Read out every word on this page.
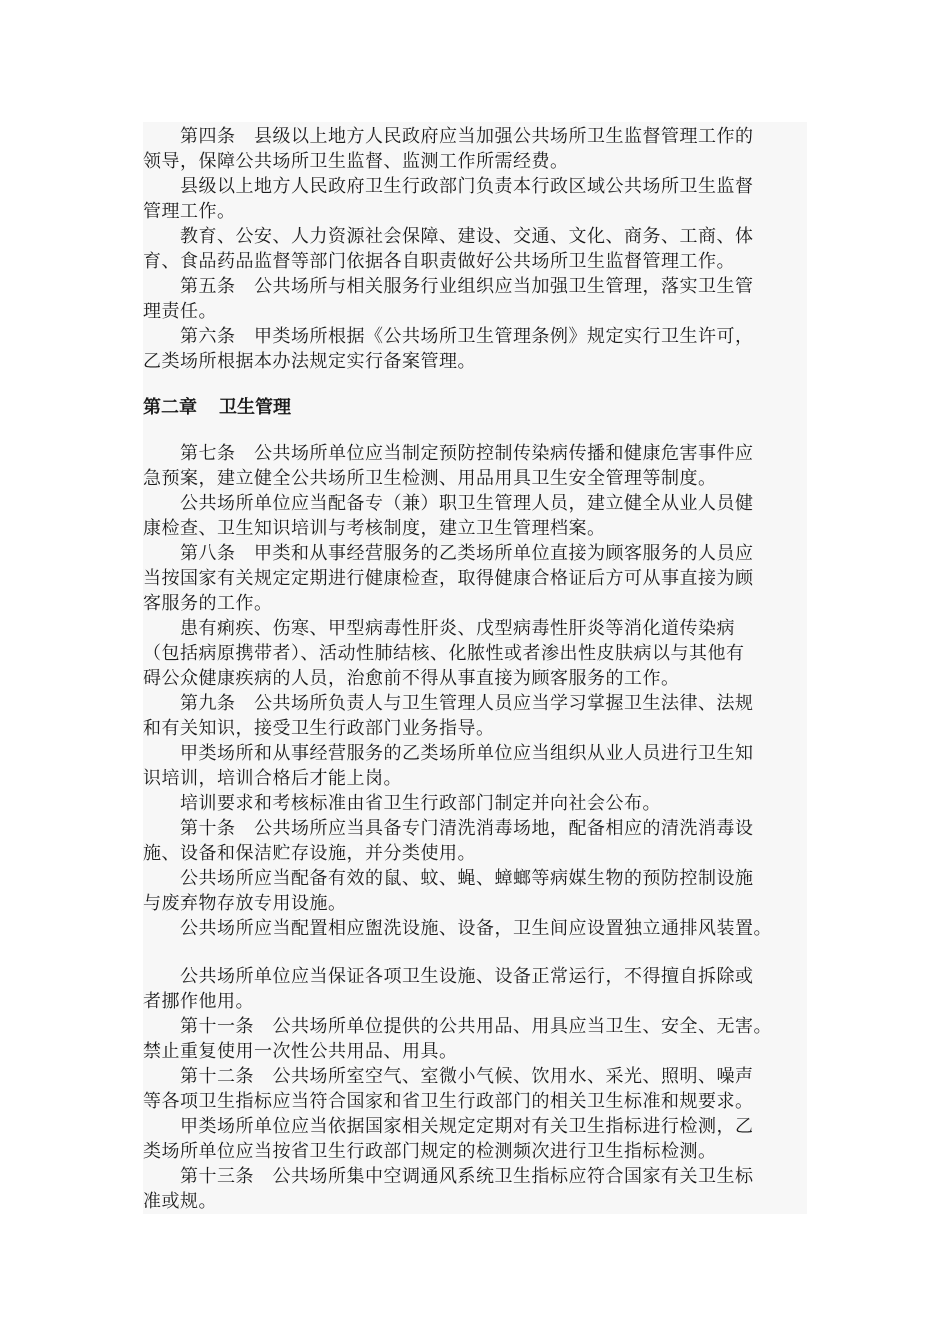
　　第四条　县级以上地方人民政府应当加强公共场所卫生监督管理工作的
领导，保障公共场所卫生监督、监测工作所需经费。
　　县级以上地方人民政府卫生行政部门负责本行政区域公共场所卫生监督
管理工作。
　　教育、公安、人力资源社会保障、建设、交通、文化、商务、工商、体
育、食品药品监督等部门依据各自职责做好公共场所卫生监督管理工作。
　　第五条　公共场所与相关服务行业组织应当加强卫生管理，落实卫生管
理责任。
　　第六条　甲类场所根据《公共场所卫生管理条例》规定实行卫生许可，
乙类场所根据本办法规定实行备案管理。
第二章 卫生管理
　　第七条　公共场所单位应当制定预防控制传染病传播和健康危害事件应
急预案，建立健全公共场所卫生检测、用品用具卫生安全管理等制度。
　　公共场所单位应当配备专（兼）职卫生管理人员，建立健全从业人员健
康检查、卫生知识培训与考核制度，建立卫生管理档案。
　　第八条　甲类和从事经营服务的乙类场所单位直接为顾客服务的人员应
当按国家有关规定定期进行健康检查，取得健康合格证后方可从事直接为顾
客服务的工作。
　　患有痢疾、伤寒、甲型病毒性肝炎、戊型病毒性肝炎等消化道传染病
（包括病原携带者）、活动性肺结核、化脓性或者渗出性皮肤病以与其他有
碍公众健康疾病的人员，治愈前不得从事直接为顾客服务的工作。
　　第九条　公共场所负责人与卫生管理人员应当学习掌握卫生法律、法规
和有关知识，接受卫生行政部门业务指导。
　　甲类场所和从事经营服务的乙类场所单位应当组织从业人员进行卫生知
识培训，培训合格后才能上岗。
　　培训要求和考核标准由省卫生行政部门制定并向社会公布。
　　第十条　公共场所应当具备专门清洗消毒场地，配备相应的清洗消毒设
施、设备和保洁贮存设施，并分类使用。
　　公共场所应当配备有效的鼠、蚊、蝇、蟑螂等病媒生物的预防控制设施
与废弃物存放专用设施。
　　公共场所应当配置相应盥洗设施、设备，卫生间应设置独立通排风装置。
　　公共场所单位应当保证各项卫生设施、设备正常运行，不得擅自拆除或
者挪作他用。
　　第十一条　公共场所单位提供的公共用品、用具应当卫生、安全、无害。
禁止重复使用一次性公共用品、用具。
　　第十二条　公共场所室空气、室微小气候、饮用水、采光、照明、噪声
等各项卫生指标应当符合国家和省卫生行政部门的相关卫生标准和规要求。
　　甲类场所单位应当依据国家相关规定定期对有关卫生指标进行检测，乙
类场所单位应当按省卫生行政部门规定的检测频次进行卫生指标检测。
　　第十三条　公共场所集中空调通风系统卫生指标应符合国家有关卫生标
准或规。
